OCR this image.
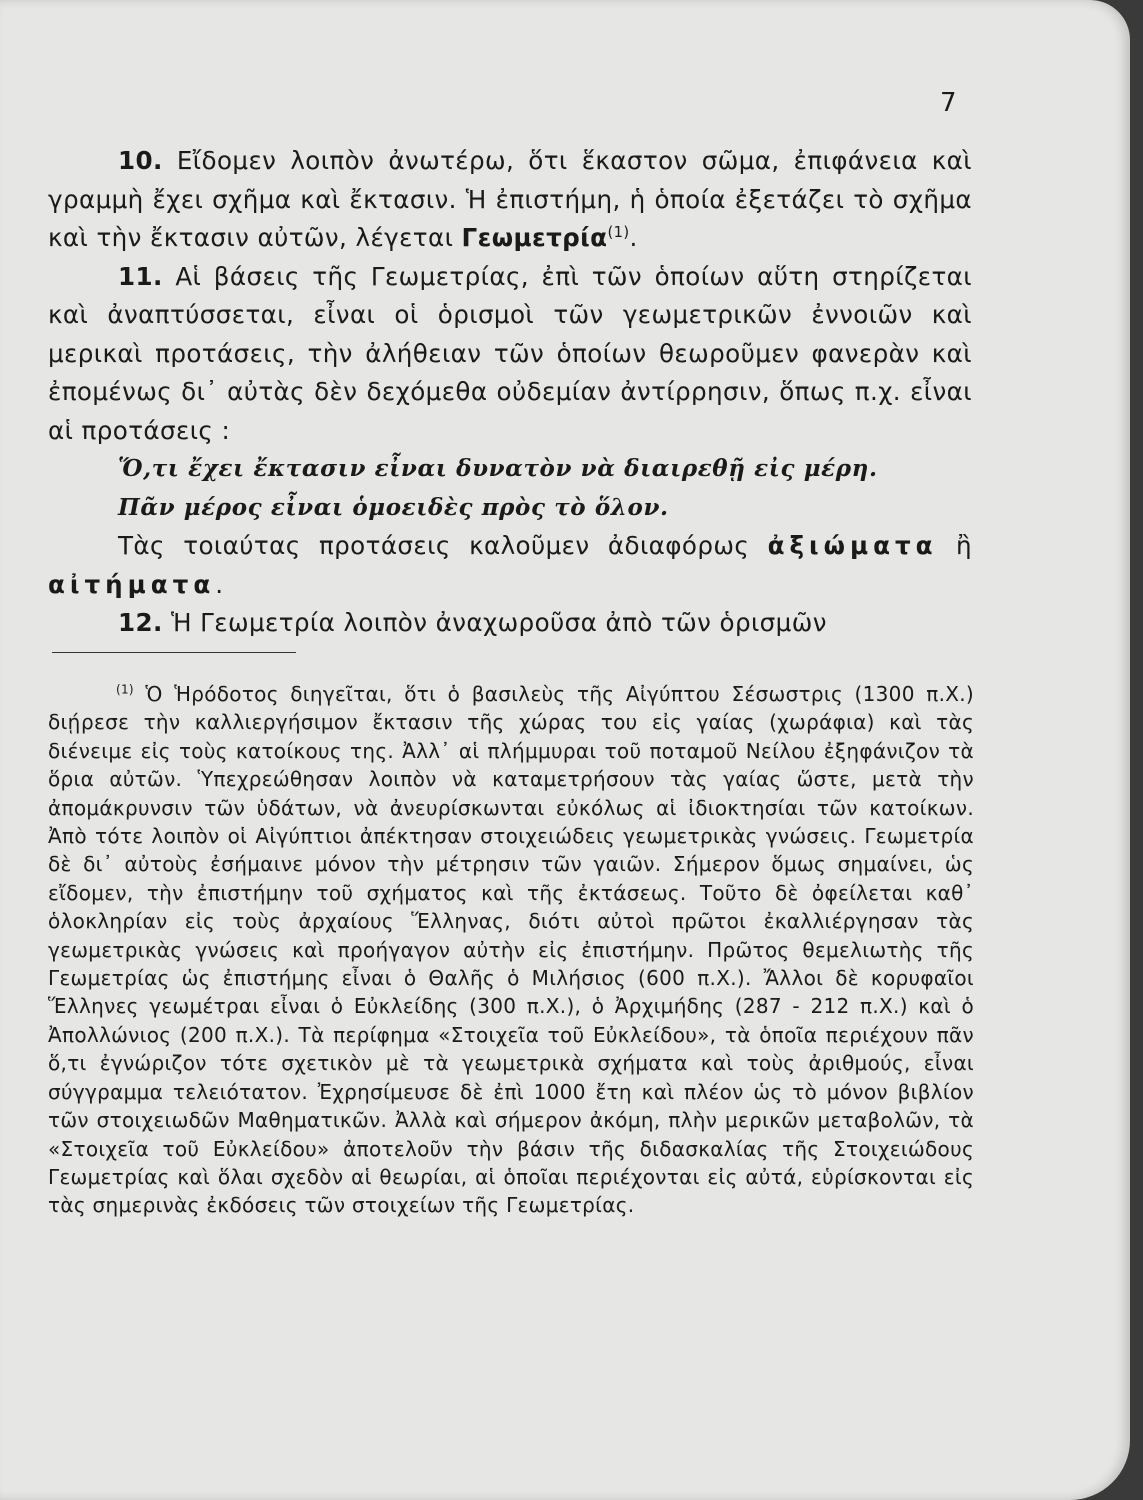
7

10. Εἴδομεν λοιπὸν ἀνωτέρω, ὅτι ἕκαστον σῶμα, ἐπιφάνεια καὶ γραμμὴ ἔχει σχῆμα καὶ ἔκτασιν. Ἡ ἐπιστήμη, ἡ ὁποία ἐξετάζει τὸ σχῆμα καὶ τὴν ἔκτασιν αὐτῶν, λέγεται Γεωμετρία$^{(1)}$.

11. Αἱ βάσεις τῆς Γεωμετρίας, ἐπὶ τῶν ὁποίων αὕτη στηρίζεται καὶ ἀναπτύσσεται, εἶναι οἱ ὁρισμοὶ τῶν γεωμετρικῶν ἐννοιῶν καὶ μερικαὶ προτάσεις, τὴν ἀλήθειαν τῶν ὁποίων θεωροῦμεν φανερὰν καὶ ἐπομένως δι᾽ αὐτὰς δὲν δεχόμεθα οὐδεμίαν ἀντίρρησιν, ὅπως π.χ. εἶναι αἱ προτάσεις :

Ὅ,τι ἔχει ἔκτασιν εἶναι δυνατὸν νὰ διαιρεθῇ εἰς μέρη.
Πᾶν μέρος εἶναι ὁμοειδὲς πρὸς τὸ ὅλον.

Τὰς τοιαύτας προτάσεις καλοῦμεν ἀδιαφόρως ἀξιώματα ἢ αἰτήματα.

12. Ἡ Γεωμετρία λοιπὸν ἀναχωροῦσα ἀπὸ τῶν ὁρισμῶν

$^{(1)}$ Ὁ Ἡρόδοτος διηγεῖται, ὅτι ὁ βασιλεὺς τῆς Αἰγύπτου Σέσωστρις (1300 π.Χ.) διῄρεσε τὴν καλλιεργήσιμον ἔκτασιν τῆς χώρας του εἰς γαίας (χωράφια) καὶ τὰς διένειμε εἰς τοὺς κατοίκους της. Ἀλλ᾽ αἱ πλήμμυραι τοῦ ποταμοῦ Νείλου ἐξηφάνιζον τὰ ὅρια αὐτῶν. Ὑπεχρεώθησαν λοιπὸν νὰ καταμετρήσουν τὰς γαίας ὥστε, μετὰ τὴν ἀπομάκρυνσιν τῶν ὑδάτων, νὰ ἀνευρίσκωνται εὐκόλως αἱ ἰδιοκτησίαι τῶν κατοίκων. Ἀπὸ τότε λοιπὸν οἱ Αἰγύπτιοι ἀπέκτησαν στοιχειώδεις γεωμετρικὰς γνώσεις. Γεωμετρία δὲ δι᾽ αὐτοὺς ἐσήμαινε μόνον τὴν μέτρησιν τῶν γαιῶν. Σήμερον ὅμως σημαίνει, ὡς εἴδομεν, τὴν ἐπιστήμην τοῦ σχήματος καὶ τῆς ἐκτάσεως. Τοῦτο δὲ ὀφείλεται καθ᾽ ὁλοκληρίαν εἰς τοὺς ἀρχαίους Ἕλληνας, διότι αὐτοὶ πρῶτοι ἐκαλλιέργησαν τὰς γεωμετρικὰς γνώσεις καὶ προήγαγον αὐτὴν εἰς ἐπιστήμην. Πρῶτος θεμελιωτὴς τῆς Γεωμετρίας ὡς ἐπιστήμης εἶναι ὁ Θαλῆς ὁ Μιλήσιος (600 π.Χ.). Ἄλλοι δὲ κορυφαῖοι Ἕλληνες γεωμέτραι εἶναι ὁ Εὐκλείδης (300 π.Χ.), ὁ Ἀρχιμήδης (287 - 212 π.Χ.) καὶ ὁ Ἀπολλώνιος (200 π.Χ.). Τὰ περίφημα «Στοιχεῖα τοῦ Εὐκλείδου», τὰ ὁποῖα περιέχουν πᾶν ὅ,τι ἐγνώριζον τότε σχετικὸν μὲ τὰ γεωμετρικὰ σχήματα καὶ τοὺς ἀριθμούς, εἶναι σύγγραμμα τελειότατον. Ἐχρησίμευσε δὲ ἐπὶ 1000 ἔτη καὶ πλέον ὡς τὸ μόνον βιβλίον τῶν στοιχειωδῶν Μαθηματικῶν. Ἀλλὰ καὶ σήμερον ἀκόμη, πλὴν μερικῶν μεταβολῶν, τὰ «Στοιχεῖα τοῦ Εὐκλείδου» ἀποτελοῦν τὴν βάσιν τῆς διδασκαλίας τῆς Στοιχειώδους Γεωμετρίας καὶ ὅλαι σχεδὸν αἱ θεωρίαι, αἱ ὁποῖαι περιέχονται εἰς αὐτά, εὑρίσκονται εἰς τὰς σημερινὰς ἐκδόσεις τῶν στοιχείων τῆς Γεωμετρίας.
